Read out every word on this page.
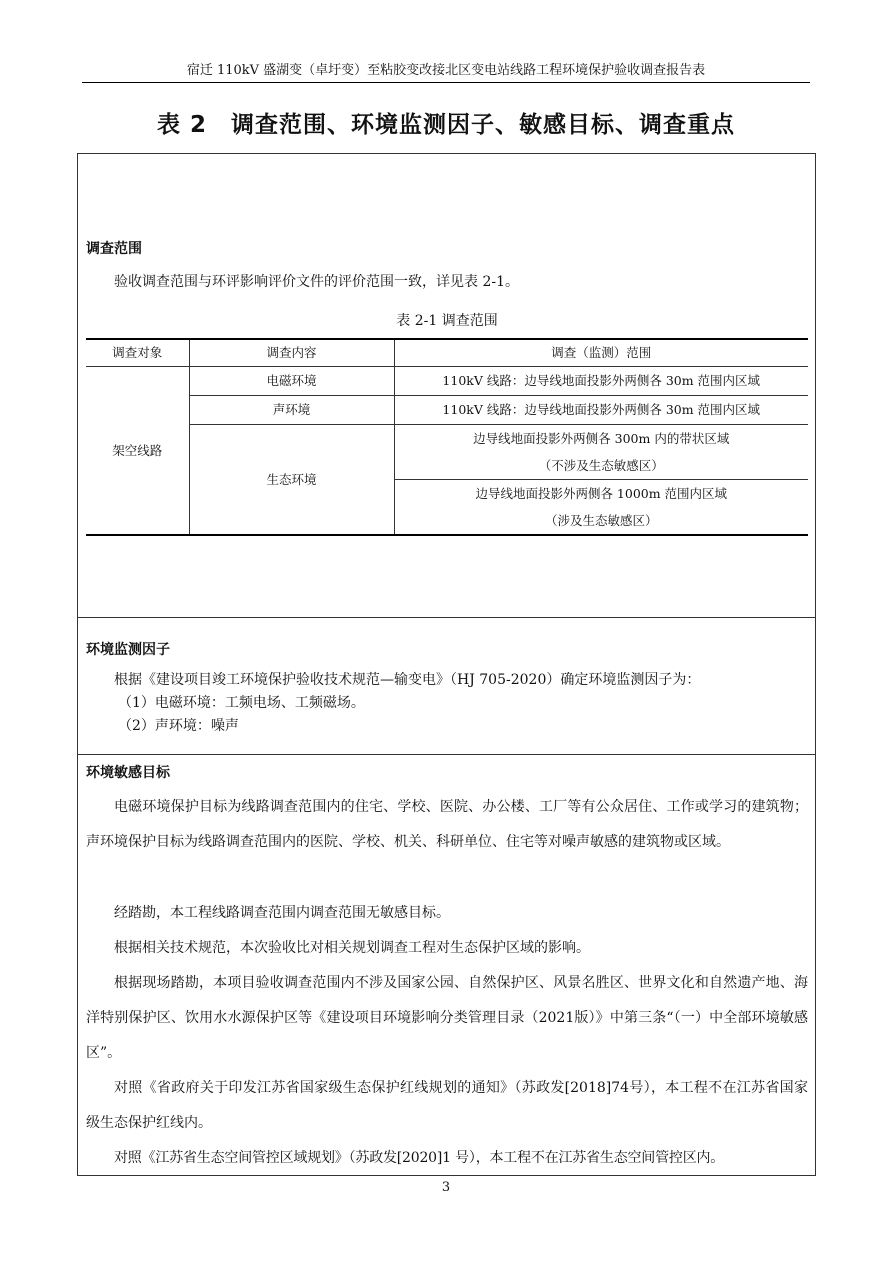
宿迁 110kV 盛湖变（卓圩变）至粘胶变改接北区变电站线路工程环境保护验收调查报告表
表 2　调查范围、环境监测因子、敏感目标、调查重点
调查范围
验收调查范围与环评影响评价文件的评价范围一致，详见表 2-1。
表 2-1 调查范围
调查对象	调查内容	调查（监测）范围
架空线路	电磁环境	110kV 线路：边导线地面投影外两侧各 30m 范围内区域
	声环境	110kV 线路：边导线地面投影外两侧各 30m 范围内区域
	生态环境	边导线地面投影外两侧各 300m 内的带状区域
（不涉及生态敏感区）

		边导线地面投影外两侧各 1000m 范围内区域
（涉及生态敏感区）
环境监测因子
根据《建设项目竣工环境保护验收技术规范—输变电》（HJ 705-2020）确定环境监测因子为：
（1）电磁环境：工频电场、工频磁场。
（2）声环境：噪声
环境敏感目标
电磁环境保护目标为线路调查范围内的住宅、学校、医院、办公楼、工厂等有公众居住、工作或学习的建筑物；声环境保护目标为线路调查范围内的医院、学校、机关、科研单位、住宅等对噪声敏感的建筑物或区域。
经踏勘，本工程线路调查范围内调查范围无敏感目标。
根据相关技术规范，本次验收比对相关规划调查工程对生态保护区域的影响。
根据现场踏勘，本项目验收调查范围内不涉及国家公园、自然保护区、风景名胜区、世界文化和自然遗产地、海洋特别保护区、饮用水水源保护区等《建设项目环境影响分类管理目录（2021版）》中第三条“（一）中全部环境敏感区”。
对照《省政府关于印发江苏省国家级生态保护红线规划的通知》（苏政发[2018]74号），本工程不在江苏省国家级生态保护红线内。
对照《江苏省生态空间管控区域规划》（苏政发[2020]1 号），本工程不在江苏省生态空间管控区内。
3
